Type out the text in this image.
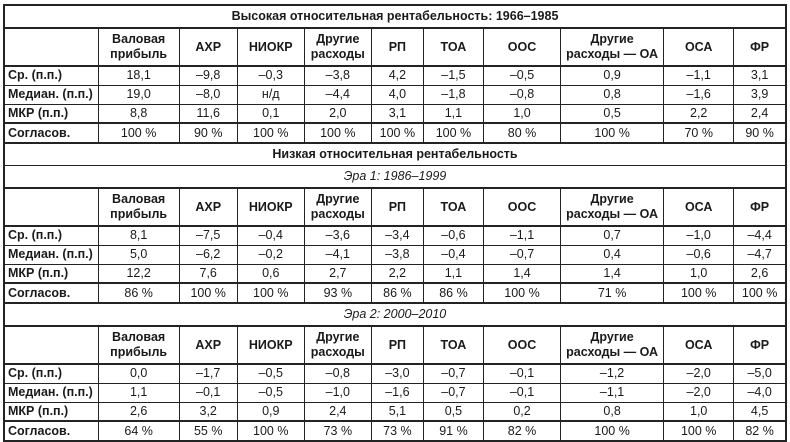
Высокая относительная рентабельность: 1966–1985										
	Валовая прибыль	АХР	НИОКР	Другие расходы	РП	ТОА	ООС	Другие расходы — ОА	ОСА	ФР
Ср. (п.п.)	18,1	–9,8	–0,3	–3,8	4,2	–1,5	–0,5	0,9	–1,1	3,1
Медиан. (п.п.)	19,0	–8,0	н/д	–4,4	4,0	–1,8	–0,8	0,8	–1,6	3,9
МКР (п.п.)	8,8	11,6	0,1	2,0	3,1	1,1	1,0	0,5	2,2	2,4
Согласов.	100 %	90 %	100 %	100 %	100 %	100 %	80 %	100 %	70 %	90 %
Низкая относительная рентабельность										
Эра 1: 1986–1999										
	Валовая прибыль	АХР	НИОКР	Другие расходы	РП	ТОА	ООС	Другие расходы — ОА	ОСА	ФР
Ср. (п.п.)	8,1	–7,5	–0,4	–3,6	–3,4	–0,6	–1,1	0,7	–1,0	–4,4
Медиан. (п.п.)	5,0	–6,2	–0,2	–4,1	–3,8	–0,4	–0,7	0,4	–0,6	–4,7
МКР (п.п.)	12,2	7,6	0,6	2,7	2,2	1,1	1,4	1,4	1,0	2,6
Согласов.	86 %	100 %	100 %	93 %	86 %	86 %	100 %	71 %	100 %	100 %
Эра 2: 2000–2010										
	Валовая прибыль	АХР	НИОКР	Другие расходы	РП	ТОА	ООС	Другие расходы — ОА	ОСА	ФР
Ср. (п.п.)	0,0	–1,7	–0,5	–0,8	–3,0	–0,7	–0,1	–1,2	–2,0	–5,0
Медиан. (п.п.)	1,1	–0,1	–0,5	–1,0	–1,6	–0,7	–0,1	–1,1	–2,0	–4,0
МКР (п.п.)	2,6	3,2	0,9	2,4	5,1	0,5	0,2	0,8	1,0	4,5
Согласов.	64 %	55 %	100 %	73 %	73 %	91 %	82 %	100 %	100 %	82 %
